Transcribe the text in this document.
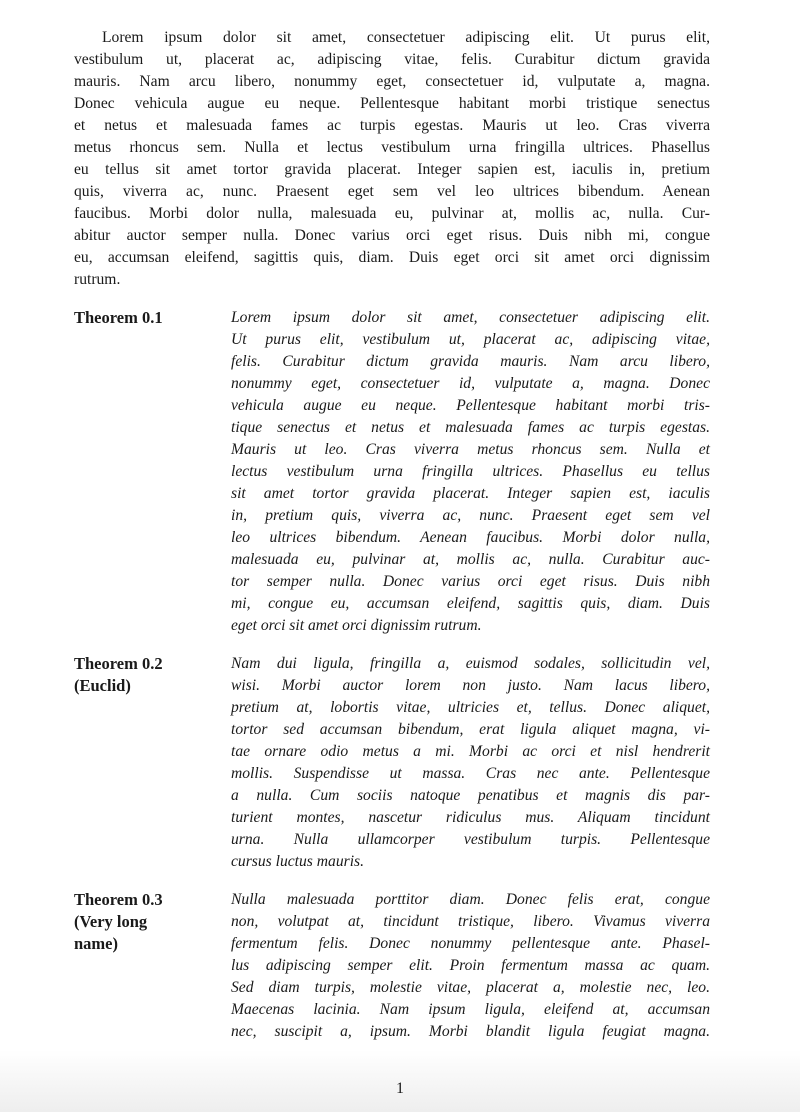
Lorem ipsum dolor sit amet, consectetuer adipiscing elit. Ut purus elit,
vestibulum ut, placerat ac, adipiscing vitae, felis. Curabitur dictum gravida
mauris. Nam arcu libero, nonummy eget, consectetuer id, vulputate a, magna.
Donec vehicula augue eu neque. Pellentesque habitant morbi tristique senectus
et netus et malesuada fames ac turpis egestas. Mauris ut leo. Cras viverra
metus rhoncus sem. Nulla et lectus vestibulum urna fringilla ultrices. Phasellus
eu tellus sit amet tortor gravida placerat. Integer sapien est, iaculis in, pretium
quis, viverra ac, nunc. Praesent eget sem vel leo ultrices bibendum. Aenean
faucibus. Morbi dolor nulla, malesuada eu, pulvinar at, mollis ac, nulla. Cur-
abitur auctor semper nulla. Donec varius orci eget risus. Duis nibh mi, congue
eu, accumsan eleifend, sagittis quis, diam. Duis eget orci sit amet orci dignissim
rutrum.
Theorem 0.1	Lorem ipsum dolor sit amet, consectetuer adipiscing elit.
Ut purus elit, vestibulum ut, placerat ac, adipiscing vitae,
felis. Curabitur dictum gravida mauris. Nam arcu libero,
nonummy eget, consectetuer id, vulputate a, magna. Donec
vehicula augue eu neque. Pellentesque habitant morbi tris-
tique senectus et netus et malesuada fames ac turpis egestas.
Mauris ut leo. Cras viverra metus rhoncus sem. Nulla et
lectus vestibulum urna fringilla ultrices. Phasellus eu tellus
sit amet tortor gravida placerat. Integer sapien est, iaculis
in, pretium quis, viverra ac, nunc. Praesent eget sem vel
leo ultrices bibendum. Aenean faucibus. Morbi dolor nulla,
malesuada eu, pulvinar at, mollis ac, nulla. Curabitur auc-
tor semper nulla. Donec varius orci eget risus. Duis nibh
mi, congue eu, accumsan eleifend, sagittis quis, diam. Duis
eget orci sit amet orci dignissim rutrum.
Theorem 0.2
(Euclid)
Nam dui ligula, fringilla a, euismod sodales, sollicitudin vel,
wisi. Morbi auctor lorem non justo. Nam lacus libero,
pretium at, lobortis vitae, ultricies et, tellus. Donec aliquet,
tortor sed accumsan bibendum, erat ligula aliquet magna, vi-
tae ornare odio metus a mi. Morbi ac orci et nisl hendrerit
mollis. Suspendisse ut massa. Cras nec ante. Pellentesque
a nulla. Cum sociis natoque penatibus et magnis dis par-
turient montes, nascetur ridiculus mus. Aliquam tincidunt
urna. Nulla ullamcorper vestibulum turpis. Pellentesque
cursus luctus mauris.
Theorem 0.3
(Very long
name)
Nulla malesuada porttitor diam. Donec felis erat, congue
non, volutpat at, tincidunt tristique, libero. Vivamus viverra
fermentum felis. Donec nonummy pellentesque ante. Phasel-
lus adipiscing semper elit. Proin fermentum massa ac quam.
Sed diam turpis, molestie vitae, placerat a, molestie nec, leo.
Maecenas lacinia. Nam ipsum ligula, eleifend at, accumsan
nec, suscipit a, ipsum. Morbi blandit ligula feugiat magna.
1
